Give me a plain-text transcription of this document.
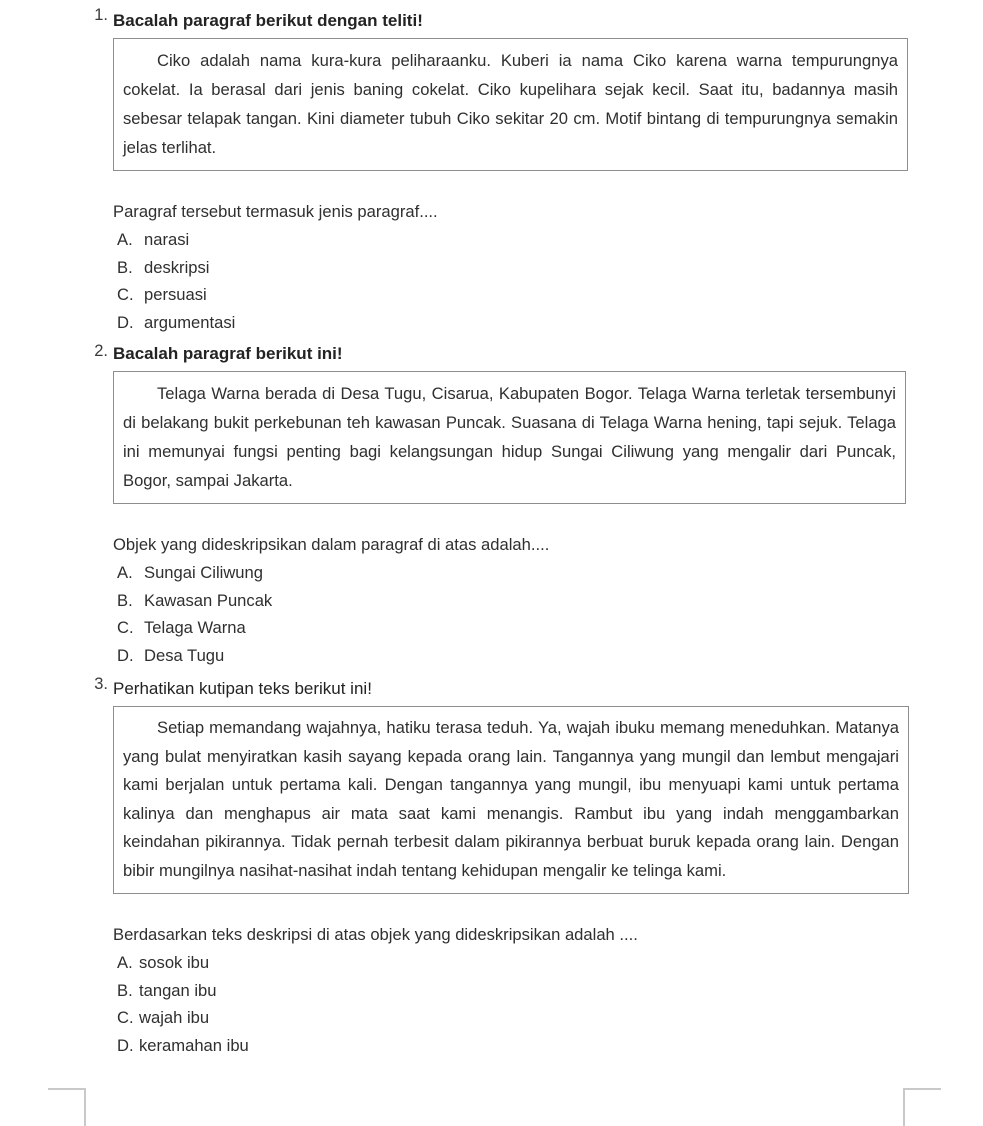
1. Bacalah paragraf berikut dengan teliti!

Ciko adalah nama kura-kura peliharaanku. Kuberi ia nama Ciko karena warna tempurungnya cokelat. Ia berasal dari jenis baning cokelat. Ciko kupelihara sejak kecil. Saat itu, badannya masih sebesar telapak tangan. Kini diameter tubuh Ciko sekitar 20 cm. Motif bintang di tempurungnya semakin jelas terlihat.

Paragraf tersebut termasuk jenis paragraf....
A. narasi
B. deskripsi
C. persuasi
D. argumentasi
2. Bacalah paragraf berikut ini!

Telaga Warna berada di Desa Tugu, Cisarua, Kabupaten Bogor. Telaga Warna terletak tersembunyi di belakang bukit perkebunan teh kawasan Puncak. Suasana di Telaga Warna hening, tapi sejuk. Telaga ini memunyai fungsi penting bagi kelangsungan hidup Sungai Ciliwung yang mengalir dari Puncak, Bogor, sampai Jakarta.

Objek yang dideskripsikan dalam paragraf di atas adalah....
A. Sungai Ciliwung
B. Kawasan Puncak
C. Telaga Warna
D. Desa Tugu
3. Perhatikan kutipan teks berikut ini!

Setiap memandang wajahnya, hatiku terasa teduh. Ya, wajah ibuku memang meneduhkan. Matanya yang bulat menyiratkan kasih sayang kepada orang lain. Tangannya yang mungil dan lembut mengajari kami berjalan untuk pertama kali. Dengan tangannya yang mungil, ibu menyuapi kami untuk pertama kalinya dan menghapus air mata saat kami menangis. Rambut ibu yang indah menggambarkan keindahan pikirannya. Tidak pernah terbesit dalam pikirannya berbuat buruk kepada orang lain. Dengan bibir mungilnya nasihat-nasihat indah tentang kehidupan mengalir ke telinga kami.

Berdasarkan teks deskripsi di atas objek yang dideskripsikan adalah ....
A. sosok ibu
B. tangan ibu
C. wajah ibu
D. keramahan ibu
